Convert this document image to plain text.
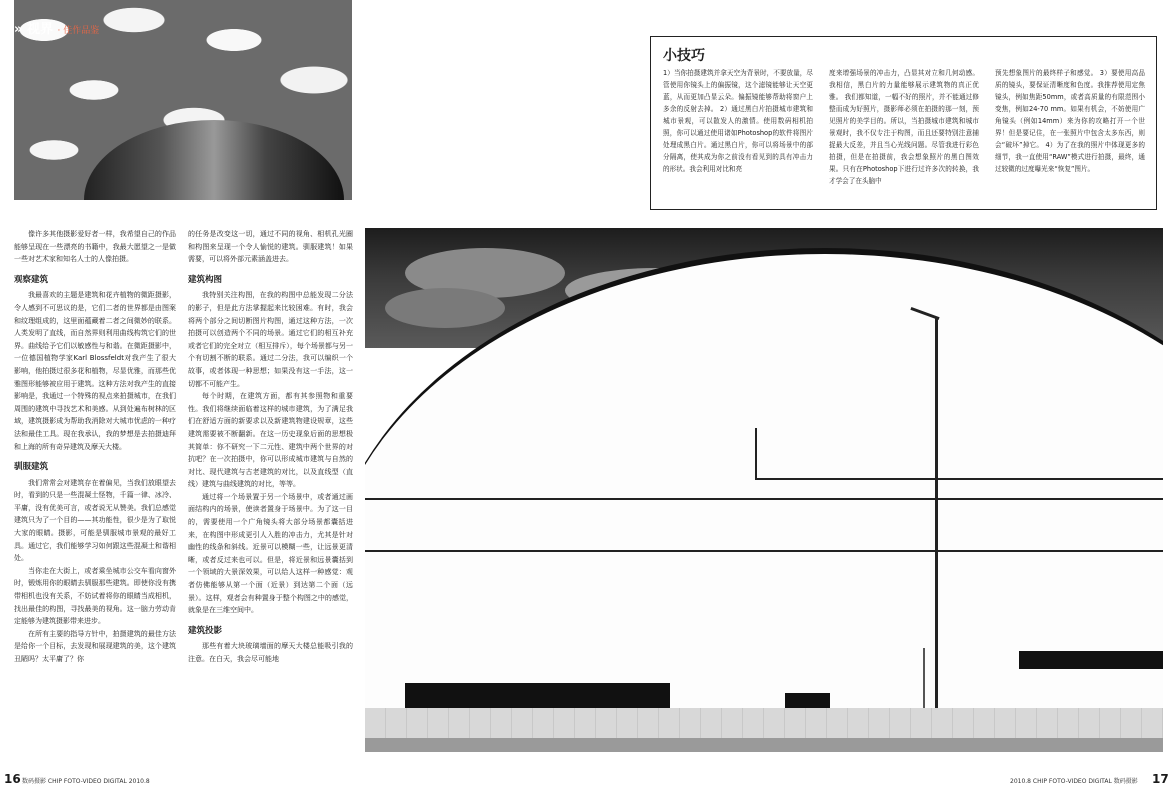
» 视界 · 佳作品鉴
小技巧
1）当你拍摄建筑并拿天空为背景时，不要放量，尽管使用你镜头上的偏振镜，这个滤镜能够让天空更蓝，从而更加凸显云朵。偏振镜能够帮助将窗户上多余的反射去掉。 2）通过黑白片拍摄城市建筑和城市景观，可以散发人的激情。使用数码相机拍照，你可以通过使用诸如Photoshop的软件将图片处理成黑白片。通过黑白片，你可以将场景中的部分隔离，使其成为你之前没有看见到的具有冲击力的形状。我会利用对比和亮
度来增强场景的冲击力，凸显其对立和几何动感。我相信，黑白片的力量能够展示建筑物的真正优雅。 我们都知道，一幅不好的照片，并不能通过修整而成为好照片，摄影师必须在拍摄的那一刻，预见照片的美学目的。所以，当拍摄城市建筑和城市景观时，我不仅专注于构图，而且还要特别注意捕捉最大反差，并且当心光线问题。尽管我进行彩色拍摄，但是在拍摄前，我会想象照片的黑白图效果。只有在Photoshop下进行过许多次的转换，我才学会了在头脑中
预先想象图片的最终样子和感觉。 3）要使用高品质的镜头，要保证清晰度和色度。我推荐使用定焦镜头，例如焦距50mm，或者高质量的有限范围小变焦，例如24-70 mm。如果有机会，不妨使用广角镜头（例如14mm）来为你的攻略打开一个世界！但是要记住，在一张照片中包含太多东西，则会“破坏”掉它。 4）为了在我的照片中体现更多的细节，我一直使用“RAW”模式进行拍摄，最终，通过较微的过度曝光来“恢复”图片。

像许多其他摄影爱好者一样，我希望自己的作品能够呈现在一些漂亮的书籍中，我最大愿望之一是做一些对艺术家和知名人士的人像拍摄。

观察建筑

我最喜欢的主题是建筑和花卉植物的微距摄影，令人感到不可思议的是，它们二者的世界都是由图案和纹理组成的，这里面蕴藏着二者之间微妙的联系。人类发明了直线，而自然界则利用曲线构筑它们的世界。曲线给予它们以敏感性与和谐。在微距摄影中，一位德国植物学家Karl Blossfeldt对我产生了很大影响，他拍摄过很多花和植物，尽显优雅，而那些优雅图形能够被应用于建筑。这种方法对我产生的直接影响是，我通过一个特殊的视点来拍摄城市，在我们周围的建筑中寻找艺术和美感。从到处遍布树林的区域，建筑摄影成为帮助我消除对大城市忧虑的一种疗法和最佳工具。现在我承认，我的梦想是去拍摄迪拜和上海的所有奇异建筑及摩天大楼。

驯服建筑

我们常常会对建筑存在着偏见，当我们放眼望去时，看到的只是一些混凝土怪物，千篇一律、冰冷、平庸，没有优美可言，或者说无从赞美。我们总感觉建筑只为了一个目的——其功能性，很少是为了取悦大家的眼睛。摄影，可能是驯服城市景观的最好工具。通过它，我们能够学习如何跟这些混凝土和谐相处。

当你走在大街上，或者乘坐城市公交车看向窗外时，锻炼用你的眼睛去驯服那些建筑。即使你没有携带相机也没有关系，不妨试着将你的眼睛当成相机，找出最佳的构图，寻找最美的视角。这一脑力劳动肯定能够为建筑摄影带来进步。

在所有主要的指导方针中，拍摄建筑的最佳方法是给你一个目标，去发现和展现建筑的美，这个建筑丑陋吗？太平庸了？你

的任务是改变这一切，通过不同的视角、相机孔光圈和构图来呈现一个令人愉悦的建筑。驯服建筑！如果需要，可以将外部元素涵盖进去。

建筑构图

我特别关注构图，在我的构图中总能发现二分法的影子，但是此方法掌握起来比较困难。有时，我会将两个部分之间切断图片构图，通过这种方法，一次拍摄可以创造两个不同的场景。通过它们的相互补充或者它们的完全对立（相互排斥），每个场景都与另一个有切割不断的联系。通过二分法，我可以编织一个故事，或者体现一种思想；如果没有这一手法，这一切都不可能产生。

每个时期，在建筑方面，都有其参照物和重要性。我们将继续面临着这样的城市建筑，为了满足我们在舒适方面的新要求以及新建筑物建设规章，这些建筑需要被不断翻新。在这一历史现象后面的思想极其简单：你不研究一下二元性、建筑中两个世界的对抗吧？在一次拍摄中，你可以形成城市建筑与自然的对比、现代建筑与古老建筑的对比，以及直线型（直线）建筑与曲线建筑的对比，等等。

通过将一个场景置于另一个场景中，或者通过画面结构内的场景，使读者置身于场景中。为了这一目的，需要使用一个广角镜头将大部分场景都囊括进来，在构图中形成更引人入胜的冲击力，尤其是针对幽性的线条和斜线。近景可以模糊一些，让远景更清晰，或者反过来也可以。但是，将近景和远景囊括到一个领域的大景深效果，可以给人这样一种感觉：观者仿佛能够从第一个面（近景）到达第二个面（远景）。这样，观者会有种置身于整个构图之中的感觉，就象是在三维空间中。

建筑投影

那些有着大块玻璃墙面的摩天大楼总能吸引我的注意。在白天，我会尽可能地

16 数码摄影 CHIP FOTO-VIDEO DIGITAL 2010.8	2010.8 CHIP FOTO-VIDEO DIGITAL 数码摄影 17
